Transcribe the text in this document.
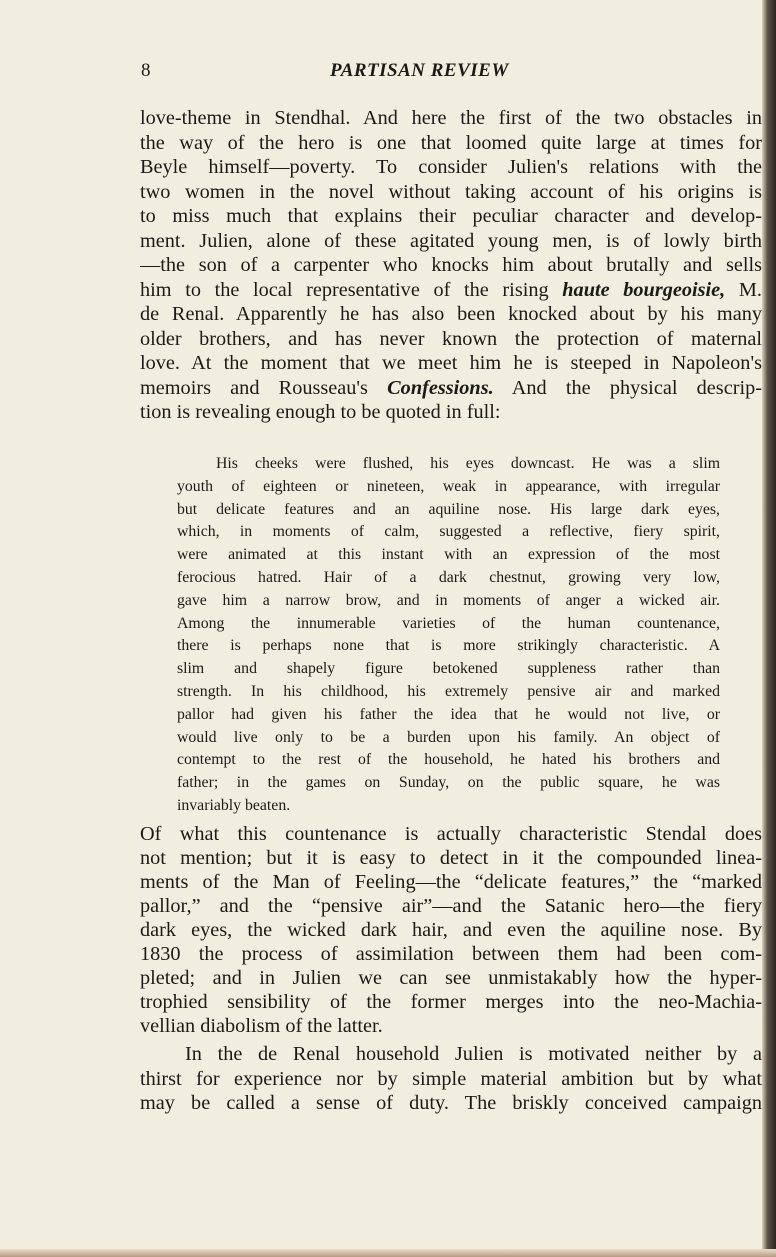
8	PARTISAN REVIEW
love-theme in Stendhal. And here the first of the two obstacles in
the way of the hero is one that loomed quite large at times for
Beyle himself—poverty. To consider Julien's relations with the
two women in the novel without taking account of his origins is
to miss much that explains their peculiar character and develop-
ment. Julien, alone of these agitated young men, is of lowly birth
—the son of a carpenter who knocks him about brutally and sells
him to the local representative of the rising haute bourgeoisie, M.
de Renal. Apparently he has also been knocked about by his many
older brothers, and has never known the protection of maternal
love. At the moment that we meet him he is steeped in Napoleon's
memoirs and Rousseau's Confessions. And the physical descrip-
tion is revealing enough to be quoted in full:
His cheeks were flushed, his eyes downcast. He was a slim
youth of eighteen or nineteen, weak in appearance, with irregular
but delicate features and an aquiline nose. His large dark eyes,
which, in moments of calm, suggested a reflective, fiery spirit,
were animated at this instant with an expression of the most
ferocious hatred. Hair of a dark chestnut, growing very low,
gave him a narrow brow, and in moments of anger a wicked air.
Among the innumerable varieties of the human countenance,
there is perhaps none that is more strikingly characteristic. A
slim and shapely figure betokened suppleness rather than
strength. In his childhood, his extremely pensive air and marked
pallor had given his father the idea that he would not live, or
would live only to be a burden upon his family. An object of
contempt to the rest of the household, he hated his brothers and
father; in the games on Sunday, on the public square, he was
invariably beaten.
Of what this countenance is actually characteristic Stendal does
not mention; but it is easy to detect in it the compounded linea-
ments of the Man of Feeling—the “delicate features,” the “marked
pallor,” and the “pensive air”—and the Satanic hero—the fiery
dark eyes, the wicked dark hair, and even the aquiline nose. By
1830 the process of assimilation between them had been com-
pleted; and in Julien we can see unmistakably how the hyper-
trophied sensibility of the former merges into the neo-Machia-
vellian diabolism of the latter.
In the de Renal household Julien is motivated neither by a
thirst for experience nor by simple material ambition but by what
may be called a sense of duty. The briskly conceived campaign
